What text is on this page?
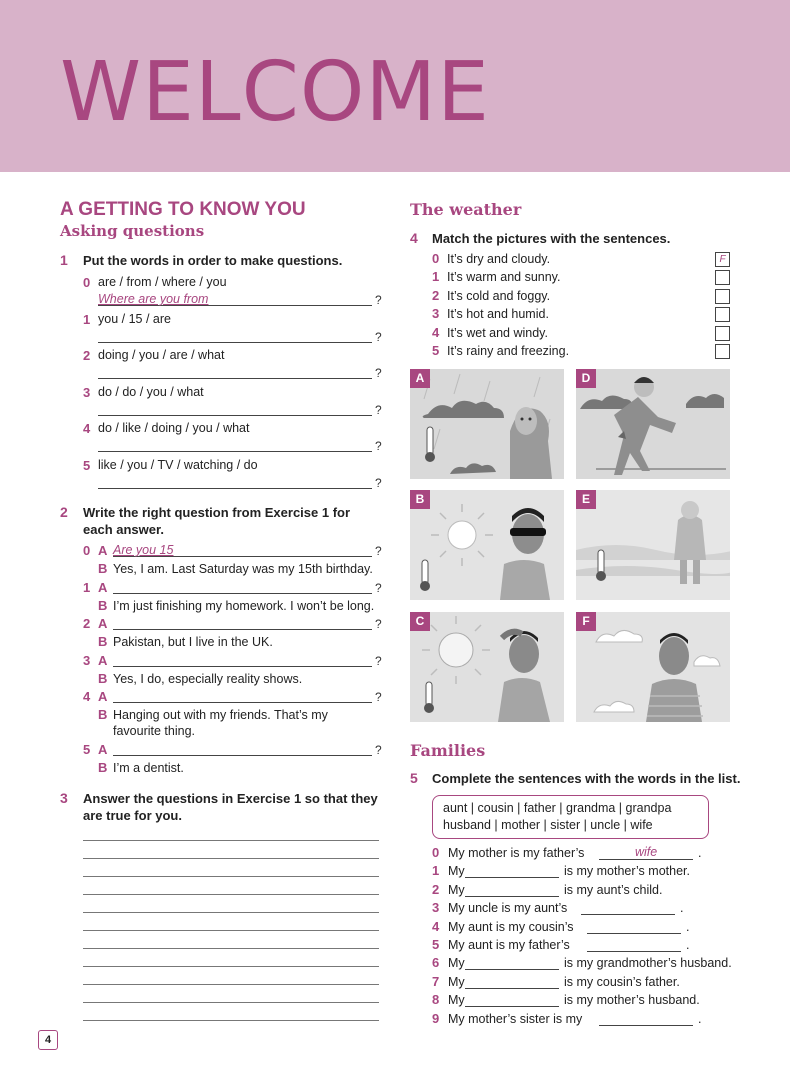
WELCOME
A GETTING TO KNOW YOU
Asking questions
1 Put the words in order to make questions.
0 are / from / where / you
Where are you from	?
1 you / 15 / are
?
2 doing / you / are / what
?
3 do / do / you / what
?
4 do / like / doing / you / what
?
5 like / you / TV / watching / do
?
2 Write the right question from Exercise 1 for
each answer.
0 A Are you 15	?
B Yes, I am. Last Saturday was my 15th birthday.
1 A	?
B I’m just finishing my homework. I won’t be long.
2 A	?
B Pakistan, but I live in the UK.
3 A	?
B Yes, I do, especially reality shows.
4 A	?
B Hanging out with my friends. That’s my
favourite thing.
5 A	?
B I’m a dentist.
3 Answer the questions in Exercise 1 so that they
are true for you.
The weather
4 Match the pictures with the sentences.
0 It’s dry and cloudy.	F
1 It’s warm and sunny.
2 It’s cold and foggy.
3 It’s hot and humid.
4 It’s wet and windy.
5 It’s rainy and freezing.
A	D
B	E
C	F
Families
5 Complete the sentences with the words in the list.
aunt | cousin | father | grandma | grandpa
husband | mother | sister | uncle | wife
0 My mother is my father’s	wife	.
1 My	is my mother’s mother.
2 My	is my aunt’s child.
3 My uncle is my aunt’s	.
4 My aunt is my cousin’s	.
5 My aunt is my father’s	.
6 My	is my grandmother’s husband.
7 My	is my cousin’s father.
8 My	is my mother’s husband.
9 My mother’s sister is my	.
4
